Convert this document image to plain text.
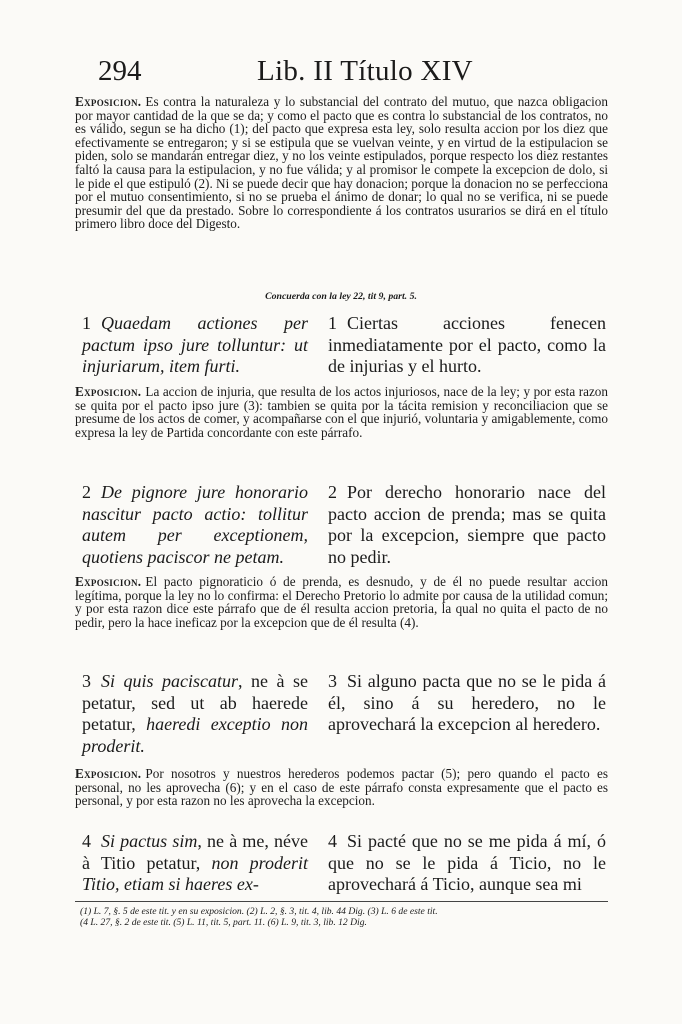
294	Lib. II Título XIV

Exposicion. Es contra la naturaleza y lo substancial del contrato del mutuo, que nazca obligacion por mayor cantidad de la que se da; y como el pacto que es contra lo substancial de los contratos, no es válido, segun se ha dicho (1); del pacto que expresa esta ley, solo resulta accion por los diez que efectivamente se entregaron; y si se estipula que se vuelvan veinte, y en virtud de la estipulacion se piden, solo se mandarán entregar diez, y no los veinte estipulados, porque respecto los diez restantes faltó la causa para la estipulacion, y no fue válida; y al promisor le compete la excepcion de dolo, si le pide el que estipuló (2). Ni se puede decir que hay donacion; porque la donacion no se perfecciona por el mutuo consentimiento, si no se prueba el ánimo de donar; lo qual no se verifica, ni se puede presumir del que da prestado. Sobre lo correspondiente á los contratos usurarios se dirá en el título primero libro doce del Digesto.

Concuerda con la ley 22, tit 9, part. 5.

1 Quaedam actiones per pactum ipso jure tolluntur: ut injuriarum, item furti.

1 Ciertas acciones fenecen inmediatamente por el pacto, como la de injurias y el hurto.

Exposicion. La accion de injuria, que resulta de los actos injuriosos, nace de la ley; y por esta razon se quita por el pacto ipso jure (3): tambien se quita por la tácita remision y reconciliacion que se presume de los actos de comer, y acompañarse con el que injurió, voluntaria y amigablemente, como expresa la ley de Partida concordante con este párrafo.

2 De pignore jure honorario nascitur pacto actio: tollitur autem per exceptionem, quotiens paciscor ne petam.

2 Por derecho honorario nace del pacto accion de prenda; mas se quita por la excepcion, siempre que pacto no pedir.

Exposicion. El pacto pignoraticio ó de prenda, es desnudo, y de él no puede resultar accion legítima, porque la ley no lo confirma: el Derecho Pretorio lo admite por causa de la utilidad comun; y por esta razon dice este párrafo que de él resulta accion pretoria, la qual no quita el pacto de no pedir, pero la hace ineficaz por la excepcion que de él resulta (4).

3 Si quis paciscatur, ne à se petatur, sed ut ab haerede petatur, haeredi exceptio non proderit.

3 Si alguno pacta que no se le pida á él, sino á su heredero, no le aprovechará la excepcion al heredero.

Exposicion. Por nosotros y nuestros herederos podemos pactar (5); pero quando el pacto es personal, no les aprovecha (6); y en el caso de este párrafo consta expresamente que el pacto es personal, y por esta razon no les aprovecha la excepcion.

4 Si pactus sim, ne à me, néve à Titio petatur, non proderit Titio, etiam si haeres ex-

4 Si pacté que no se me pida á mí, ó que no se le pida á Ticio, no le aprovechará á Ticio, aunque sea mi

(1) L. 7, §. 5 de este tit. y en su exposicion. (2) L. 2, §. 3, tit. 4, lib. 44 Dig. (3) L. 6 de este tit.
(4 L. 27, §. 2 de este tit. (5) L. 11, tit. 5, part. 11. (6) L. 9, tit. 3, lib. 12 Dig.
